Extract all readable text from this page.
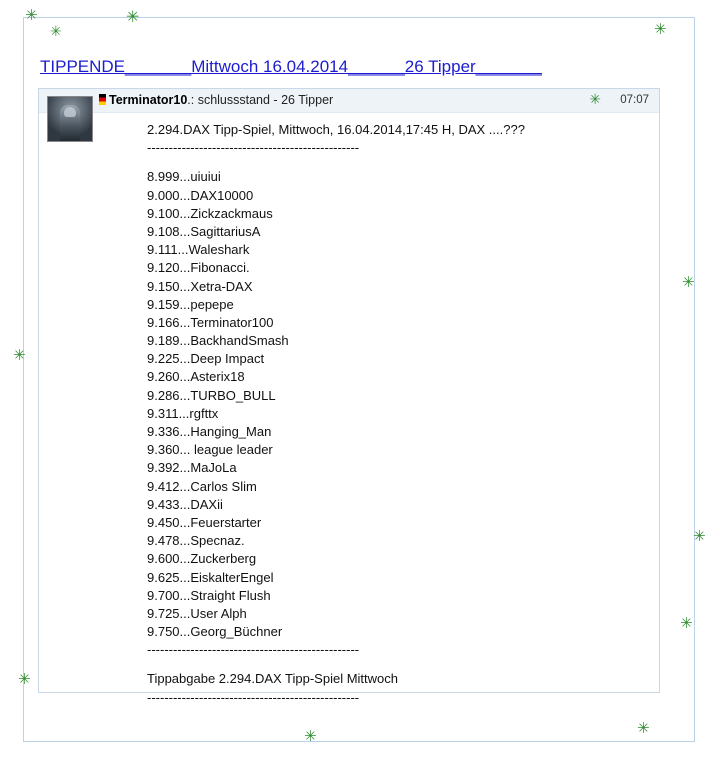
TIPPENDE_______Mittwoch 16.04.2014______26 Tipper_______
Terminator10.: schlussstand - 26 Tipper	✳ 07:07
2.294.DAX Tipp-Spiel, Mittwoch, 16.04.2014,17:45 H, DAX ....???
-------------------------------------------------
8.999...uiuiui
9.000...DAX10000
9.100...Zickzackmaus
9.108...SagittariusA
9.111...Waleshark
9.120...Fibonacci.
9.150...Xetra-DAX
9.159...pepepe
9.166...Terminator100
9.189...BackhandSmash
9.225...Deep Impact
9.260...Asterix18
9.286...TURBO_BULL
9.311...rgfttx
9.336...Hanging_Man
9.360... league leader
9.392...MaJoLa
9.412...Carlos Slim
9.433...DAXii
9.450...Feuerstarter
9.478...Specnaz.
9.600...Zuckerberg
9.625...EiskalterEngel
9.700...Straight Flush
9.725...User Alph
9.750...Georg_Büchner
-------------------------------------------------
Tippabgabe 2.294.DAX Tipp-Spiel Mittwoch
-------------------------------------------------
✳	✳
✳	✳
✳
✳
✳
✳
✳
✳
✳
